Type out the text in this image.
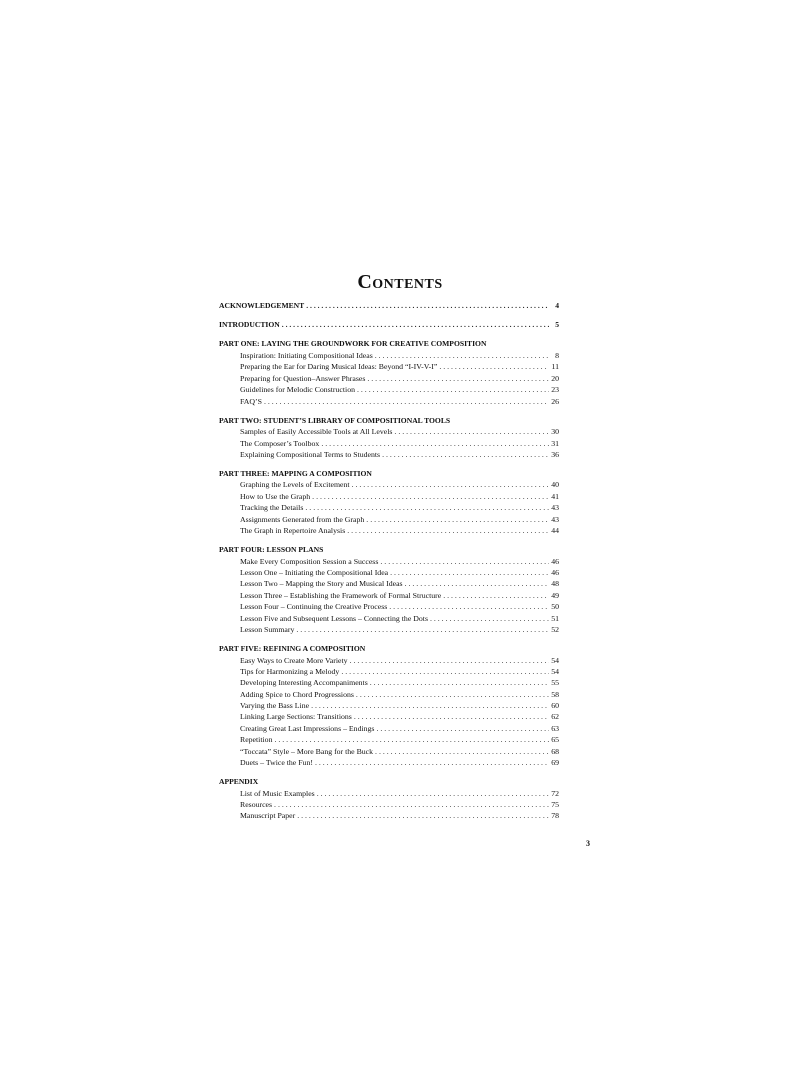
Contents
ACKNOWLEDGEMENT . . .	4
INTRODUCTION . . .	5
PART ONE: LAYING THE GROUNDWORK FOR CREATIVE COMPOSITION
Inspiration: Initiating Compositional Ideas . . .	8
Preparing the Ear for Daring Musical Ideas: Beyond “I-IV-V-I” . . .	11
Preparing for Question–Answer Phrases . . .	20
Guidelines for Melodic Construction . . .	23
FAQ’S . . .	26
PART TWO: STUDENT’S LIBRARY OF COMPOSITIONAL TOOLS
Samples of Easily Accessible Tools at All Levels . . .	30
The Composer’s Toolbox . . .	31
Explaining Compositional Terms to Students . . .	36
PART THREE: MAPPING A COMPOSITION
Graphing the Levels of Excitement . . .	40
How to Use the Graph . . .	41
Tracking the Details . . .	43
Assignments Generated from the Graph . . .	43
The Graph in Repertoire Analysis . . .	44
PART FOUR: LESSON PLANS
Make Every Composition Session a Success . . .	46
Lesson One – Initiating the Compositional Idea . . .	46
Lesson Two – Mapping the Story and Musical Ideas . . .	48
Lesson Three – Establishing the Framework of Formal Structure . . .	49
Lesson Four – Continuing the Creative Process . . .	50
Lesson Five and Subsequent Lessons – Connecting the Dots . . .	51
Lesson Summary . . .	52
PART FIVE: REFINING A COMPOSITION
Easy Ways to Create More Variety . . .	54
Tips for Harmonizing a Melody . . .	54
Developing Interesting Accompaniments . . .	55
Adding Spice to Chord Progressions . . .	58
Varying the Bass Line . . .	60
Linking Large Sections: Transitions . . .	62
Creating Great Last Impressions – Endings . . .	63
Repetition . . .	65
“Toccata” Style – More Bang for the Buck . . .	68
Duets – Twice the Fun! . . .	69
APPENDIX
List of Music Examples . . .	72
Resources . . .	75
Manuscript Paper . . .	78
3
